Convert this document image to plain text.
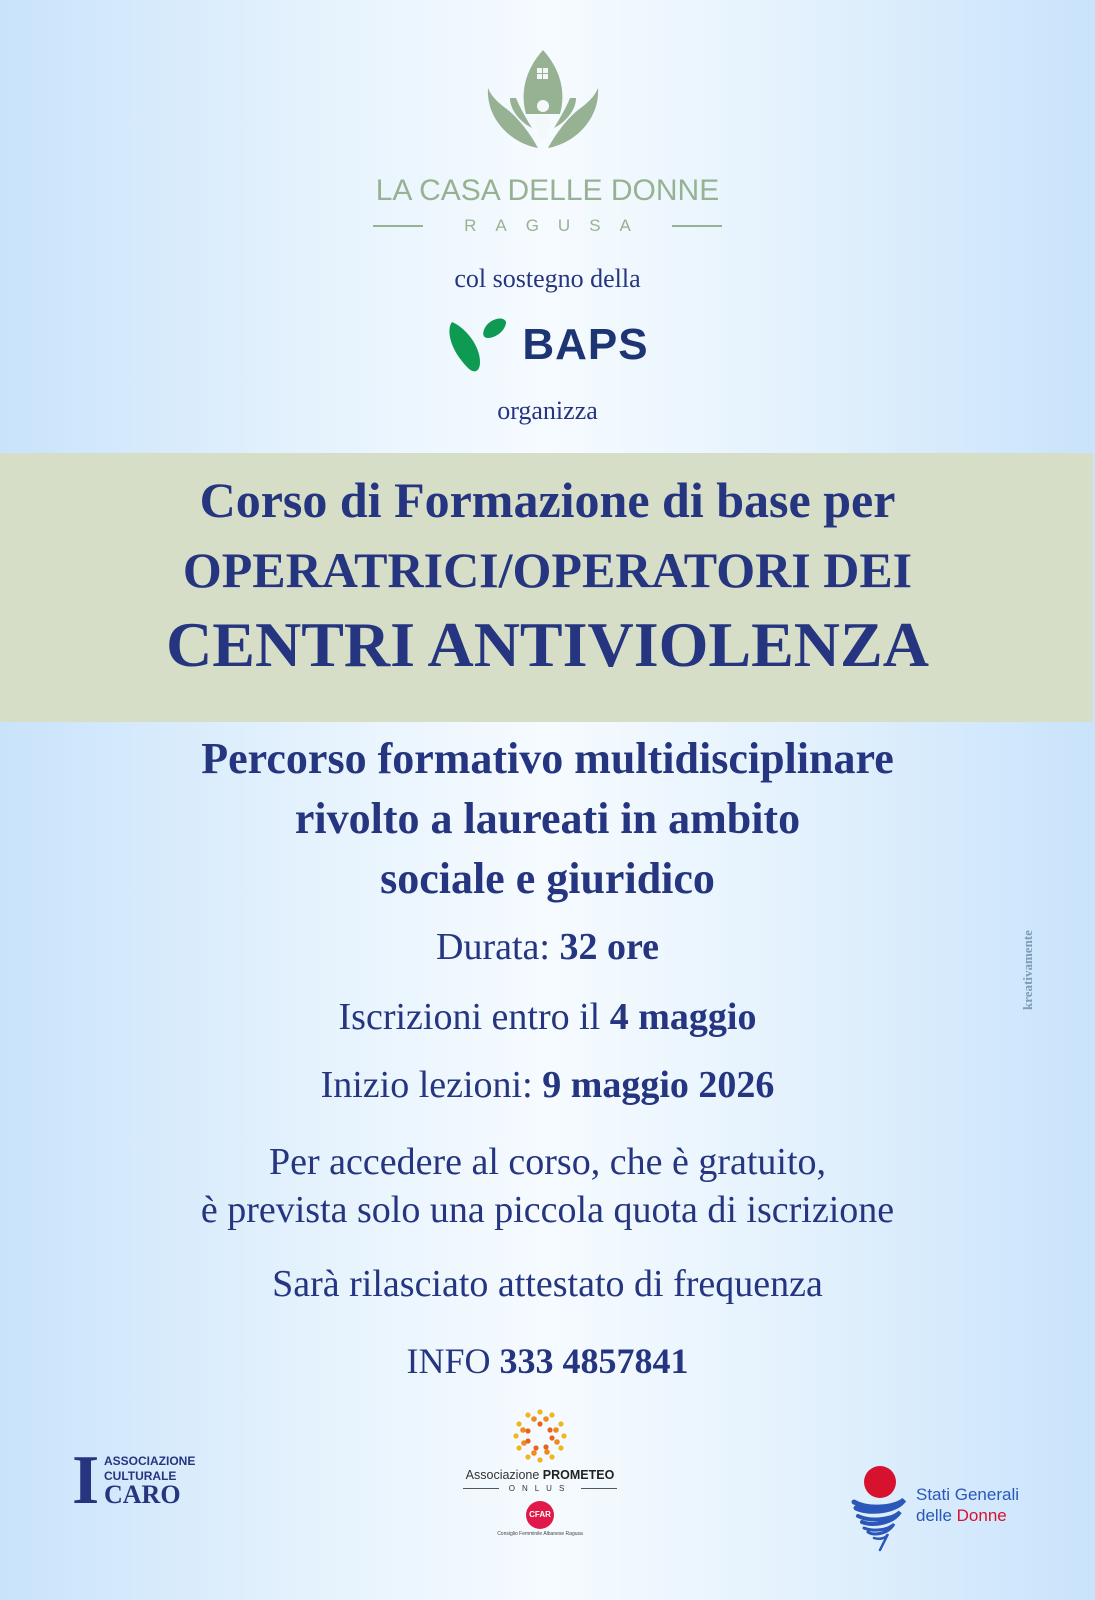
LA CASA DELLE DONNE
RAGUSA
col sostegno della
BAPS
organizza
Corso di Formazione di base per
OPERATRICI/OPERATORI DEI
CENTRI ANTIVIOLENZA
Percorso formativo multidisciplinare
rivolto a laureati in ambito
sociale e giuridico
Durata: 32 ore
Iscrizioni entro il 4 maggio
Inizio lezioni: 9 maggio 2026
Per accedere al corso, che è gratuito,
è prevista solo una piccola quota di iscrizione
Sarà rilasciato attestato di frequenza
INFO 333 4857841
kreativamente
I ASSOCIAZIONE
CULTURALE
CARO
Associazione PROMETEO
ONLUS
CFAR
Consiglio Femminile Albanese Ragusa
Stati Generali
delle Donne
